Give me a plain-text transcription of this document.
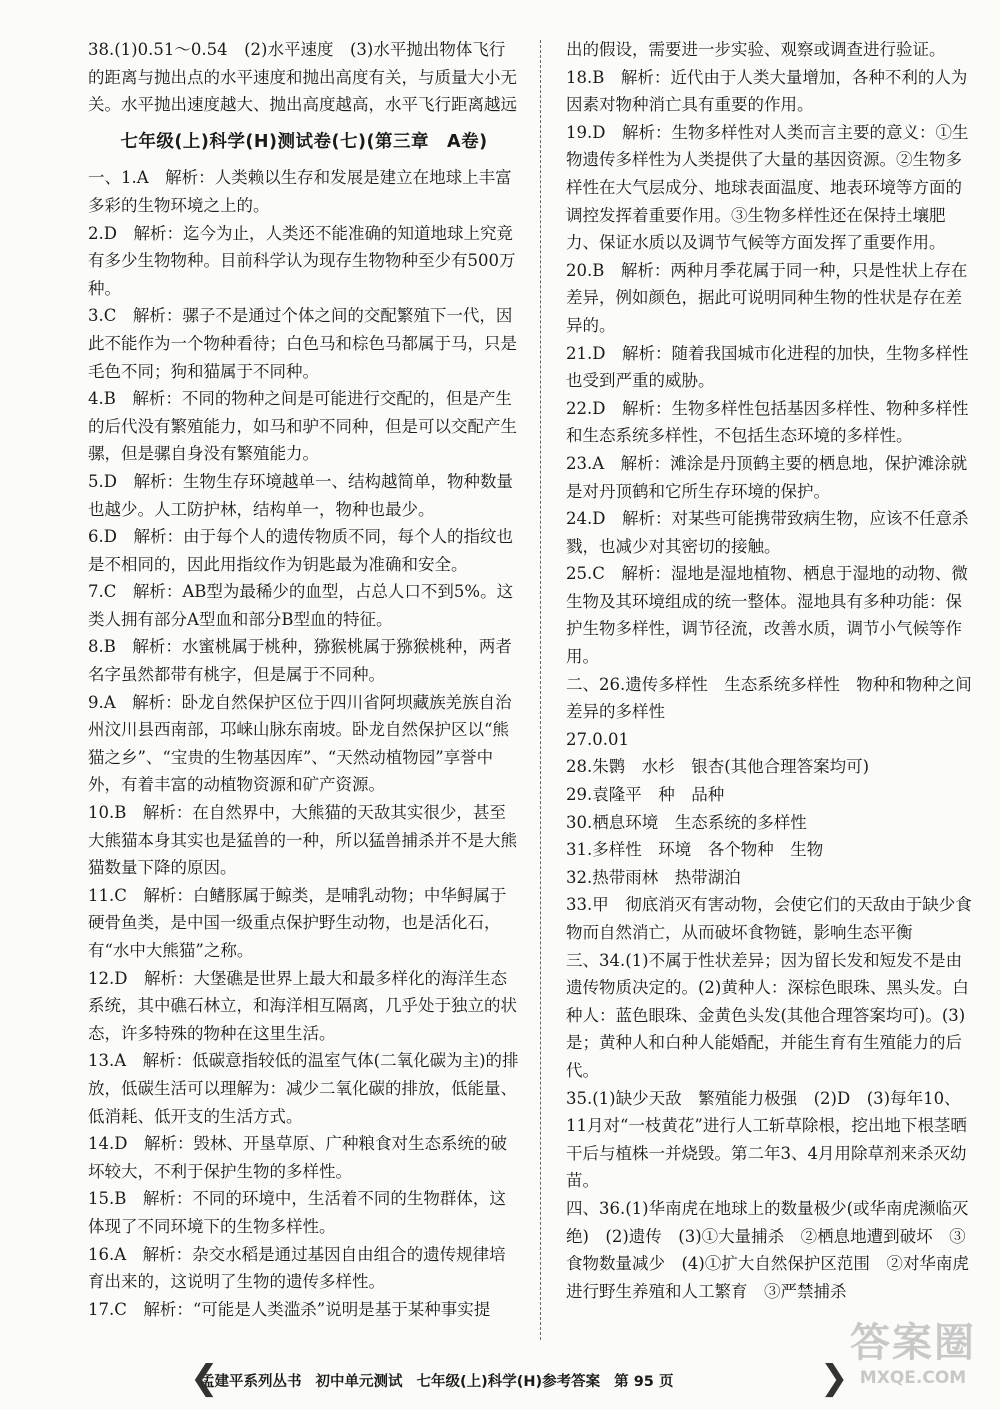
38.(1)0.51～0.54　(2)水平速度　(3)水平抛出物体飞行的距离与抛出点的水平速度和抛出高度有关，与质量大小无关。水平抛出速度越大、抛出高度越高，水平飞行距离越远

七年级(上)科学(H)测试卷(七)(第三章　A卷)

一、1.A　解析：人类赖以生存和发展是建立在地球上丰富多彩的生物环境之上的。

2.D　解析：迄今为止，人类还不能准确的知道地球上究竟有多少生物物种。目前科学认为现存生物物种至少有500万种。

3.C　解析：骡子不是通过个体之间的交配繁殖下一代，因此不能作为一个物种看待；白色马和棕色马都属于马，只是毛色不同；狗和猫属于不同种。

4.B　解析：不同的物种之间是可能进行交配的，但是产生的后代没有繁殖能力，如马和驴不同种，但是可以交配产生骡，但是骡自身没有繁殖能力。

5.D　解析：生物生存环境越单一、结构越简单，物种数量也越少。人工防护林，结构单一，物种也最少。

6.D　解析：由于每个人的遗传物质不同，每个人的指纹也是不相同的，因此用指纹作为钥匙最为准确和安全。

7.C　解析：AB型为最稀少的血型，占总人口不到5%。这类人拥有部分A型血和部分B型血的特征。

8.B　解析：水蜜桃属于桃种，猕猴桃属于猕猴桃种，两者名字虽然都带有桃字，但是属于不同种。

9.A　解析：卧龙自然保护区位于四川省阿坝藏族羌族自治州汶川县西南部，邛崃山脉东南坡。卧龙自然保护区以“熊猫之乡”、“宝贵的生物基因库”、“天然动植物园”享誉中外，有着丰富的动植物资源和矿产资源。

10.B　解析：在自然界中，大熊猫的天敌其实很少，甚至大熊猫本身其实也是猛兽的一种，所以猛兽捕杀并不是大熊猫数量下降的原因。

11.C　解析：白鳍豚属于鲸类，是哺乳动物；中华鲟属于硬骨鱼类，是中国一级重点保护野生动物，也是活化石，有“水中大熊猫”之称。

12.D　解析：大堡礁是世界上最大和最多样化的海洋生态系统，其中礁石林立，和海洋相互隔离，几乎处于独立的状态，许多特殊的物种在这里生活。

13.A　解析：低碳意指较低的温室气体(二氧化碳为主)的排放，低碳生活可以理解为：减少二氧化碳的排放，低能量、低消耗、低开支的生活方式。

14.D　解析：毁林、开垦草原、广种粮食对生态系统的破坏较大，不利于保护生物的多样性。

15.B　解析：不同的环境中，生活着不同的生物群体，这体现了不同环境下的生物多样性。

16.A　解析：杂交水稻是通过基因自由组合的遗传规律培育出来的，这说明了生物的遗传多样性。

17.C　解析：“可能是人类滥杀”说明是基于某种事实提

出的假设，需要进一步实验、观察或调查进行验证。

18.B　解析：近代由于人类大量增加，各种不利的人为因素对物种消亡具有重要的作用。

19.D　解析：生物多样性对人类而言主要的意义：①生物遗传多样性为人类提供了大量的基因资源。②生物多样性在大气层成分、地球表面温度、地表环境等方面的调控发挥着重要作用。③生物多样性还在保持土壤肥力、保证水质以及调节气候等方面发挥了重要作用。

20.B　解析：两种月季花属于同一种，只是性状上存在差异，例如颜色，据此可说明同种生物的性状是存在差异的。

21.D　解析：随着我国城市化进程的加快，生物多样性也受到严重的威胁。

22.D　解析：生物多样性包括基因多样性、物种多样性和生态系统多样性，不包括生态环境的多样性。

23.A　解析：滩涂是丹顶鹤主要的栖息地，保护滩涂就是对丹顶鹤和它所生存环境的保护。

24.D　解析：对某些可能携带致病生物，应该不任意杀戮，也减少对其密切的接触。

25.C　解析：湿地是湿地植物、栖息于湿地的动物、微生物及其环境组成的统一整体。湿地具有多种功能：保护生物多样性，调节径流，改善水质，调节小气候等作用。

二、26.遗传多样性　生态系统多样性　物种和物种之间差异的多样性

27.0.01

28.朱鹮　水杉　银杏(其他合理答案均可)

29.袁隆平　种　品种

30.栖息环境　生态系统的多样性

31.多样性　环境　各个物种　生物

32.热带雨林　热带湖泊

33.甲　彻底消灭有害动物，会使它们的天敌由于缺少食物而自然消亡，从而破坏食物链，影响生态平衡

三、34.(1)不属于性状差异；因为留长发和短发不是由遗传物质决定的。(2)黄种人：深棕色眼珠、黑头发。白种人：蓝色眼珠、金黄色头发(其他合理答案均可)。(3)是；黄种人和白种人能婚配，并能生育有生殖能力的后代。

35.(1)缺少天敌　繁殖能力极强　(2)D　(3)每年10、11月对“一枝黄花”进行人工斩草除根，挖出地下根茎晒干后与植株一并烧毁。第二年3、4月用除草剂来杀灭幼苗。

四、36.(1)华南虎在地球上的数量极少(或华南虎濒临灭绝)　(2)遗传　(3)①大量捕杀　②栖息地遭到破坏　③食物数量减少　(4)①扩大自然保护区范围　②对华南虎进行野生养殖和人工繁育　③严禁捕杀

❮
孟建平系列丛书 初中单元测试 七年级(上)科学(H)参考答案 第 95 页	❯
答案圈
MXQE.COM
